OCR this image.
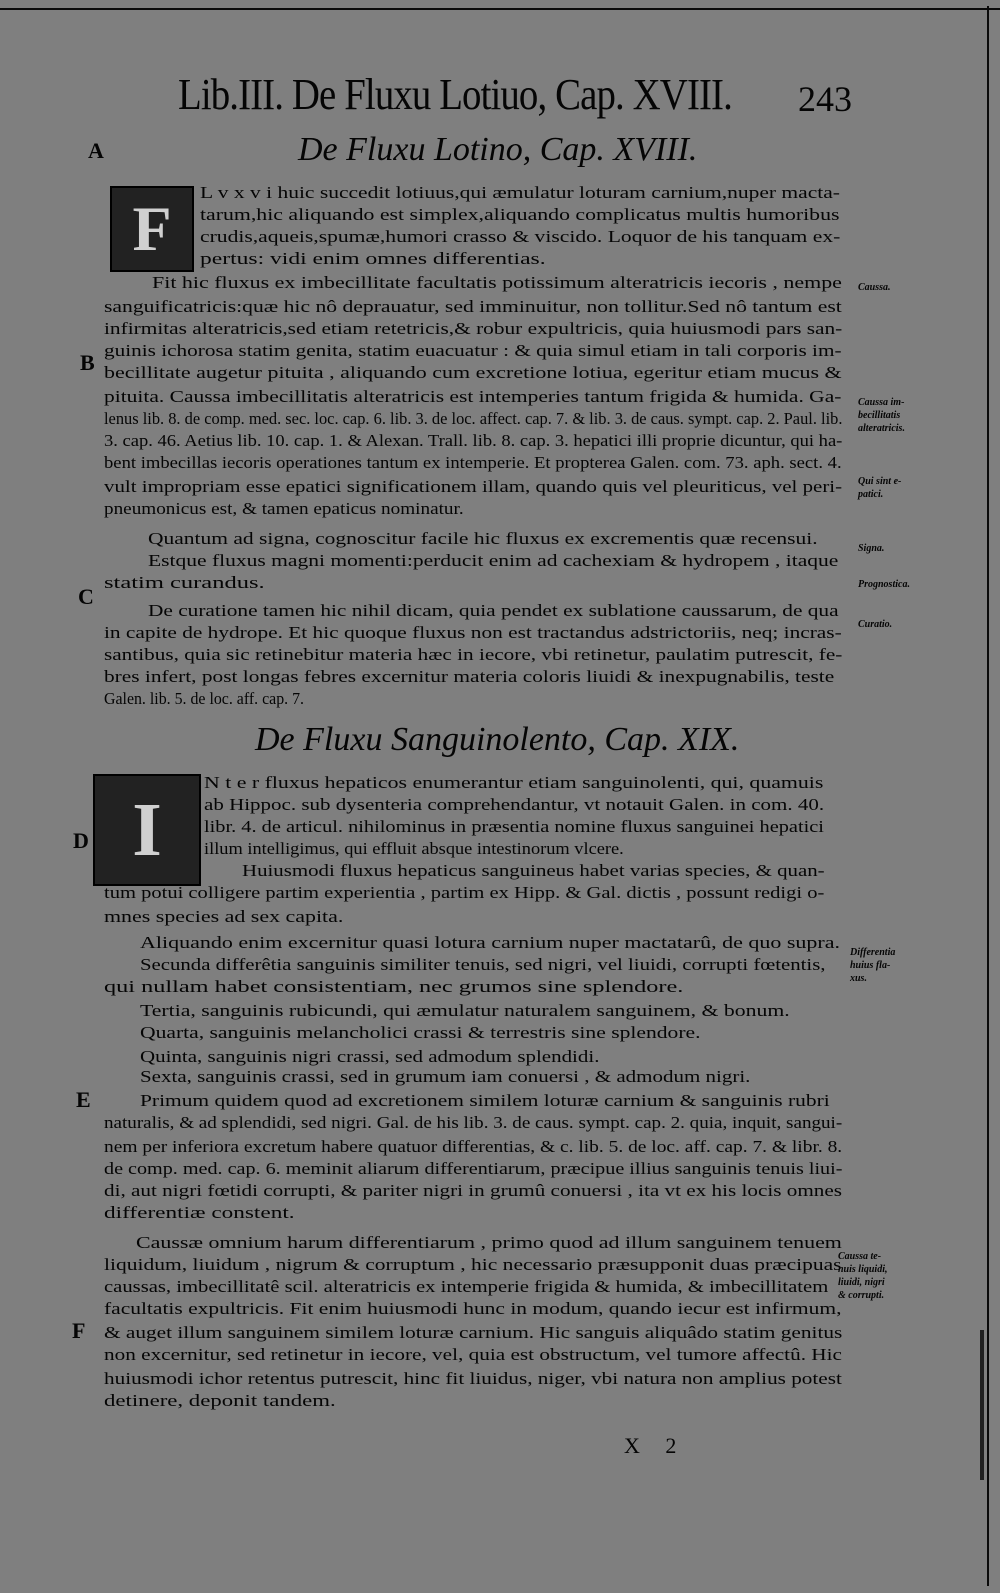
Lib.III. De Fluxu Lotiuo, Cap. XVIII.	243
De Fluxu Lotino, Cap. XVIII.
De Fluxu Sanguinolento, Cap. XIX.
F
I
A
B
C
D
E
F
L v x v i huic succedit lotiuus,qui æmulatur loturam carnium,nuper macta-
tarum,hic aliquando est simplex,aliquando complicatus multis humoribus
crudis,aqueis,spumæ,humori crasso & viscido. Loquor de his tanquam ex-
pertus: vidi enim omnes differentias.
Fit hic fluxus ex imbecillitate facultatis potissimum alteratricis iecoris , nempe
sanguificatricis:quæ hic nô deprauatur, sed imminuitur, non tollitur.Sed nô tantum est
infirmitas alteratricis,sed etiam retetricis,& robur expultricis, quia huiusmodi pars san-
guinis ichorosa statim genita, statim euacuatur : & quia simul etiam in tali corporis im-
becillitate augetur pituita , aliquando cum excretione lotiua, egeritur etiam mucus &
pituita. Caussa imbecillitatis alteratricis est intemperies tantum frigida & humida. Ga-
lenus lib. 8. de comp. med. sec. loc. cap. 6. lib. 3. de loc. affect. cap. 7. & lib. 3. de caus. sympt. cap. 2. Paul. lib.
3. cap. 46. Aetius lib. 10. cap. 1. & Alexan. Trall. lib. 8. cap. 3. hepatici illi proprie dicuntur, qui ha-
bent imbecillas iecoris operationes tantum ex intemperie. Et propterea Galen. com. 73. aph. sect. 4.
vult impropriam esse epatici significationem illam, quando quis vel pleuriticus, vel peri-
pneumonicus est, & tamen epaticus nominatur.
Quantum ad signa, cognoscitur facile hic fluxus ex excrementis quæ recensui.
Estque fluxus magni momenti:perducit enim ad cachexiam & hydropem , itaque
statim curandus.
De curatione tamen hic nihil dicam, quia pendet ex sublatione caussarum, de qua
in capite de hydrope. Et hic quoque fluxus non est tractandus adstrictoriis, neq; incras-
santibus, quia sic retinebitur materia hæc in iecore, vbi retinetur, paulatim putrescit, fe-
bres infert, post longas febres excernitur materia coloris liuidi & inexpugnabilis, teste
Galen. lib. 5. de loc. aff. cap. 7.
N t e r fluxus hepaticos enumerantur etiam sanguinolenti, qui, quamuis
ab Hippoc. sub dysenteria comprehendantur, vt notauit Galen. in com. 40.
libr. 4. de articul. nihilominus in præsentia nomine fluxus sanguinei hepatici
illum intelligimus, qui effluit absque intestinorum vlcere.
Huiusmodi fluxus hepaticus sanguineus habet varias species, & quan-
tum potui colligere partim experientia , partim ex Hipp. & Gal. dictis , possunt redigi o-
mnes species ad sex capita.
Aliquando enim excernitur quasi lotura carnium nuper mactatarû, de quo supra.
Secunda differêtia sanguinis similiter tenuis, sed nigri, vel liuidi, corrupti fœtentis,
qui nullam habet consistentiam, nec grumos sine splendore.
Tertia, sanguinis rubicundi, qui æmulatur naturalem sanguinem, & bonum.
Quarta, sanguinis melancholici crassi & terrestris sine splendore.
Quinta, sanguinis nigri crassi, sed admodum splendidi.
Sexta, sanguinis crassi, sed in grumum iam conuersi , & admodum nigri.
Primum quidem quod ad excretionem similem loturæ carnium & sanguinis rubri
naturalis, & ad splendidi, sed nigri. Gal. de his lib. 3. de caus. sympt. cap. 2. quia, inquit, sangui-
nem per inferiora excretum habere quatuor differentias, & c. lib. 5. de loc. aff. cap. 7. & libr. 8.
de comp. med. cap. 6. meminit aliarum differentiarum, præcipue illius sanguinis tenuis liui-
di, aut nigri fœtidi corrupti, & pariter nigri in grumû conuersi , ita vt ex his locis omnes
differentiæ constent.
Caussæ omnium harum differentiarum , primo quod ad illum sanguinem tenuem
liquidum, liuidum , nigrum & corruptum , hic necessario præsupponit duas præcipuas
caussas, imbecillitatê scil. alteratricis ex intemperie frigida & humida, & imbecillitatem
facultatis expultricis. Fit enim huiusmodi hunc in modum, quando iecur est infirmum,
& auget illum sanguinem similem loturæ carnium. Hic sanguis aliquâdo statim genitus
non excernitur, sed retinetur in iecore, vel, quia est obstructum, vel tumore affectû. Hic
huiusmodi ichor retentus putrescit, hinc fit liuidus, niger, vbi natura non amplius potest
detinere, deponit tandem.
Caussa.
Caussa im-
becillitatis
alteratricis.
Qui sint e-
patici.
Signa.
Prognostica.
Curatio.
Differentia
huius fla-
xus.
Caussa te-
nuis liquidi,
liuidi, nigri
& corrupti.
X 2
